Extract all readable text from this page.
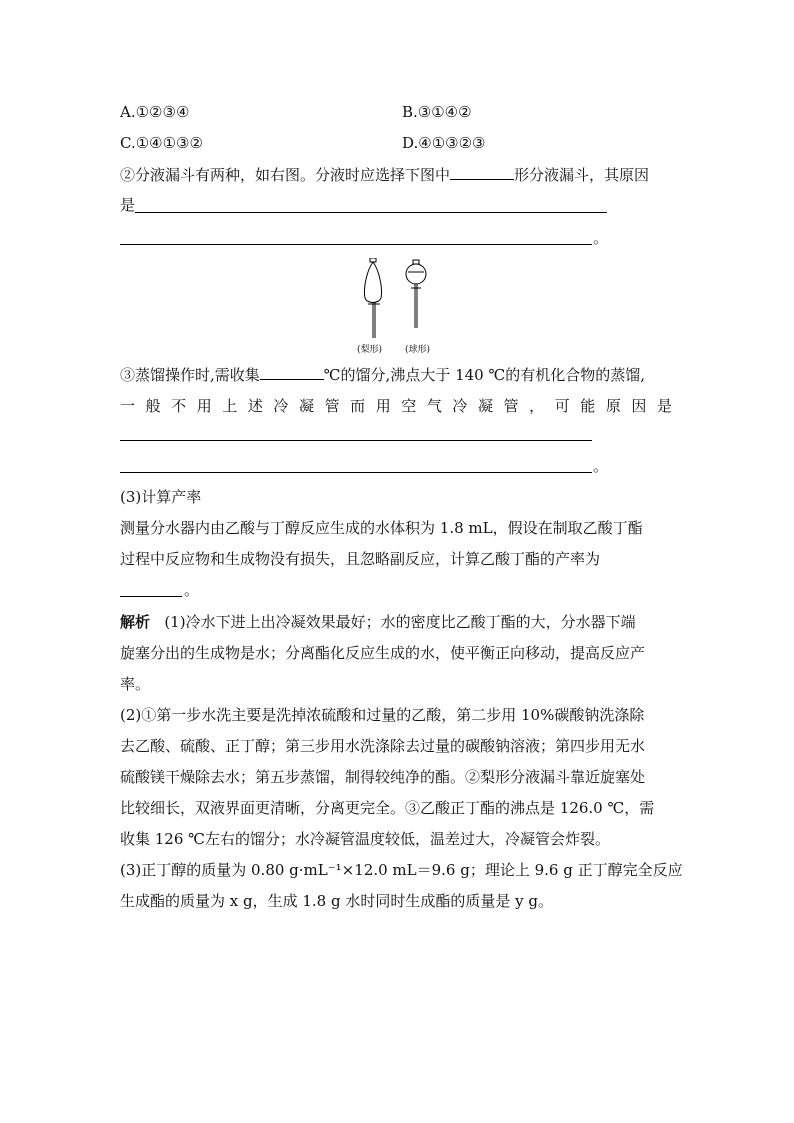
A.①②③④	B.③①④②
C.①④①③②	D.④①③②③
②分液漏斗有两种，如右图。分液时应选择下图中	形分液漏斗，其原因
是
。
(梨形)	(球形)
③蒸馏操作时,需收集	℃的馏分,沸点大于 140 ℃的有机化合物的蒸馏,
一般不用上述冷凝管而用空气冷凝管，可能原因是
。
(3)计算产率
测量分水器内由乙酸与丁醇反应生成的水体积为 1.8 mL，假设在制取乙酸丁酯
过程中反应物和生成物没有损失，且忽略副反应，计算乙酸丁酯的产率为
。
解析 (1)冷水下进上出冷凝效果最好；水的密度比乙酸丁酯的大，分水器下端
旋塞分出的生成物是水；分离酯化反应生成的水，使平衡正向移动，提高反应产
率。
(2)①第一步水洗主要是洗掉浓硫酸和过量的乙酸，第二步用 10%碳酸钠洗涤除
去乙酸、硫酸、正丁醇；第三步用水洗涤除去过量的碳酸钠溶液；第四步用无水
硫酸镁干燥除去水；第五步蒸馏，制得较纯净的酯。②梨形分液漏斗靠近旋塞处
比较细长，双液界面更清晰，分离更完全。③乙酸正丁酯的沸点是 126.0 ℃，需
收集 126 ℃左右的馏分；水冷凝管温度较低，温差过大，冷凝管会炸裂。
(3)正丁醇的质量为 0.80 g·mL⁻¹×12.0 mL＝9.6 g；理论上 9.6 g 正丁醇完全反应
生成酯的质量为 x g，生成 1.8 g 水时同时生成酯的质量是 y g。
